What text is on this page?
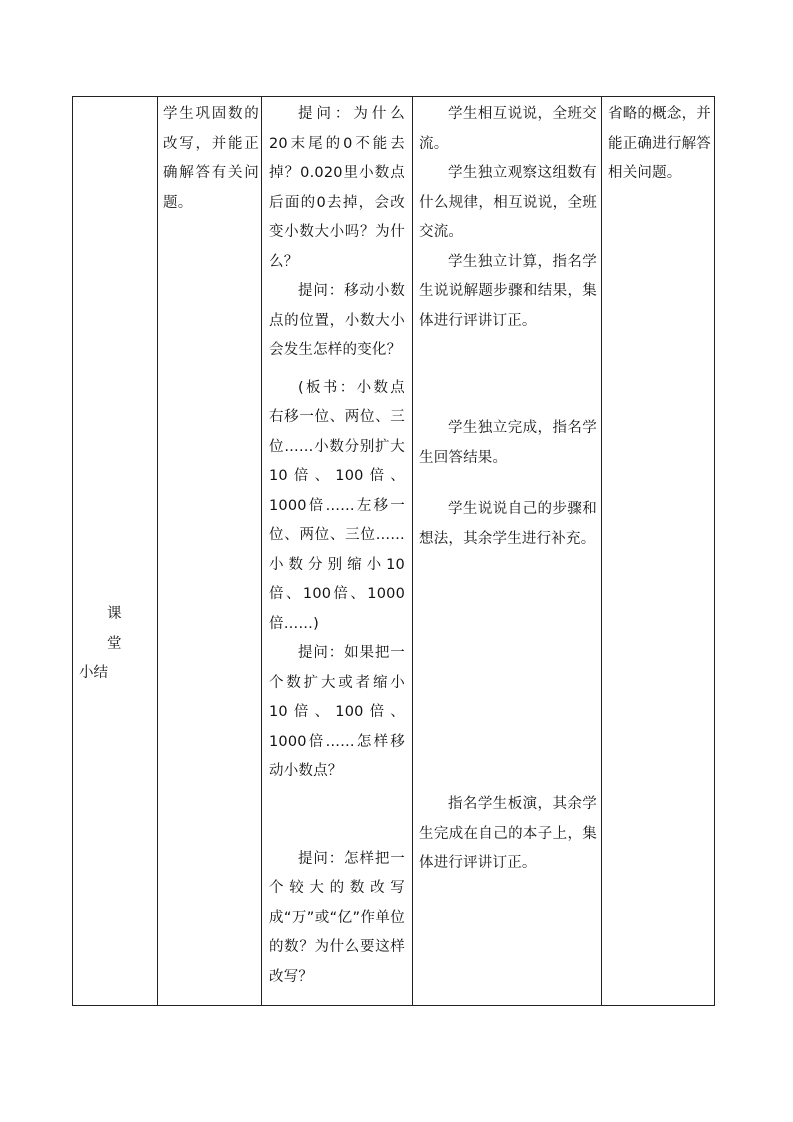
课堂
小结

学生巩固数的改写，并能正确解答有关问题。

提问：为什么20末尾的0不能去掉？0.020里小数点后面的0去掉，会改变小数大小吗？为什么？

提问：移动小数点的位置，小数大小会发生怎样的变化？

(板书：小数点右移一位、两位、三位……小数分别扩大10倍、100倍、1000倍……左移一位、两位、三位……小数分别缩小10倍、100倍、1000倍……)

提问：如果把一个数扩大或者缩小10倍、100倍、1000倍……怎样移动小数点？

提问：怎样把一个较大的数改写成“万”或“亿”作单位的数？为什么要这样改写？

学生相互说说，全班交流。

学生独立观察这组数有什么规律，相互说说，全班交流。

学生独立计算，指名学生说说解题步骤和结果，集体进行评讲订正。

学生独立完成，指名学生回答结果。

学生说说自己的步骤和想法，其余学生进行补充。

指名学生板演，其余学生完成在自己的本子上，集体进行评讲订正。

省略的概念，并能正确进行解答相关问题。
